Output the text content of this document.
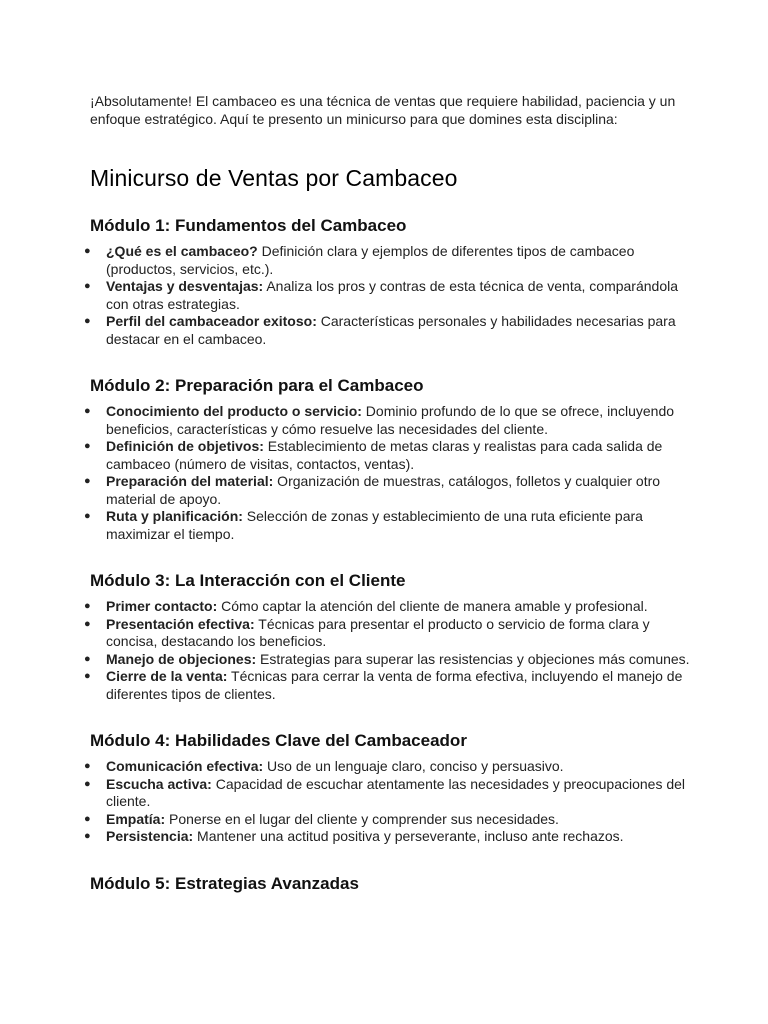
¡Absolutamente! El cambaceo es una técnica de ventas que requiere habilidad, paciencia y un enfoque estratégico. Aquí te presento un minicurso para que domines esta disciplina:

Minicurso de Ventas por Cambaceo
Módulo 1: Fundamentos del Cambaceo
● ¿Qué es el cambaceo? Definición clara y ejemplos de diferentes tipos de cambaceo (productos, servicios, etc.).
● Ventajas y desventajas: Analiza los pros y contras de esta técnica de venta, comparándola con otras estrategias.
● Perfil del cambaceador exitoso: Características personales y habilidades necesarias para destacar en el cambaceo.
Módulo 2: Preparación para el Cambaceo
● Conocimiento del producto o servicio: Dominio profundo de lo que se ofrece, incluyendo beneficios, características y cómo resuelve las necesidades del cliente.
● Definición de objetivos: Establecimiento de metas claras y realistas para cada salida de cambaceo (número de visitas, contactos, ventas).
● Preparación del material: Organización de muestras, catálogos, folletos y cualquier otro material de apoyo.
● Ruta y planificación: Selección de zonas y establecimiento de una ruta eficiente para maximizar el tiempo.
Módulo 3: La Interacción con el Cliente
● Primer contacto: Cómo captar la atención del cliente de manera amable y profesional.
● Presentación efectiva: Técnicas para presentar el producto o servicio de forma clara y concisa, destacando los beneficios.
● Manejo de objeciones: Estrategias para superar las resistencias y objeciones más comunes.
● Cierre de la venta: Técnicas para cerrar la venta de forma efectiva, incluyendo el manejo de diferentes tipos de clientes.
Módulo 4: Habilidades Clave del Cambaceador
● Comunicación efectiva: Uso de un lenguaje claro, conciso y persuasivo.
● Escucha activa: Capacidad de escuchar atentamente las necesidades y preocupaciones del cliente.
● Empatía: Ponerse en el lugar del cliente y comprender sus necesidades.
● Persistencia: Mantener una actitud positiva y perseverante, incluso ante rechazos.
Módulo 5: Estrategias Avanzadas
